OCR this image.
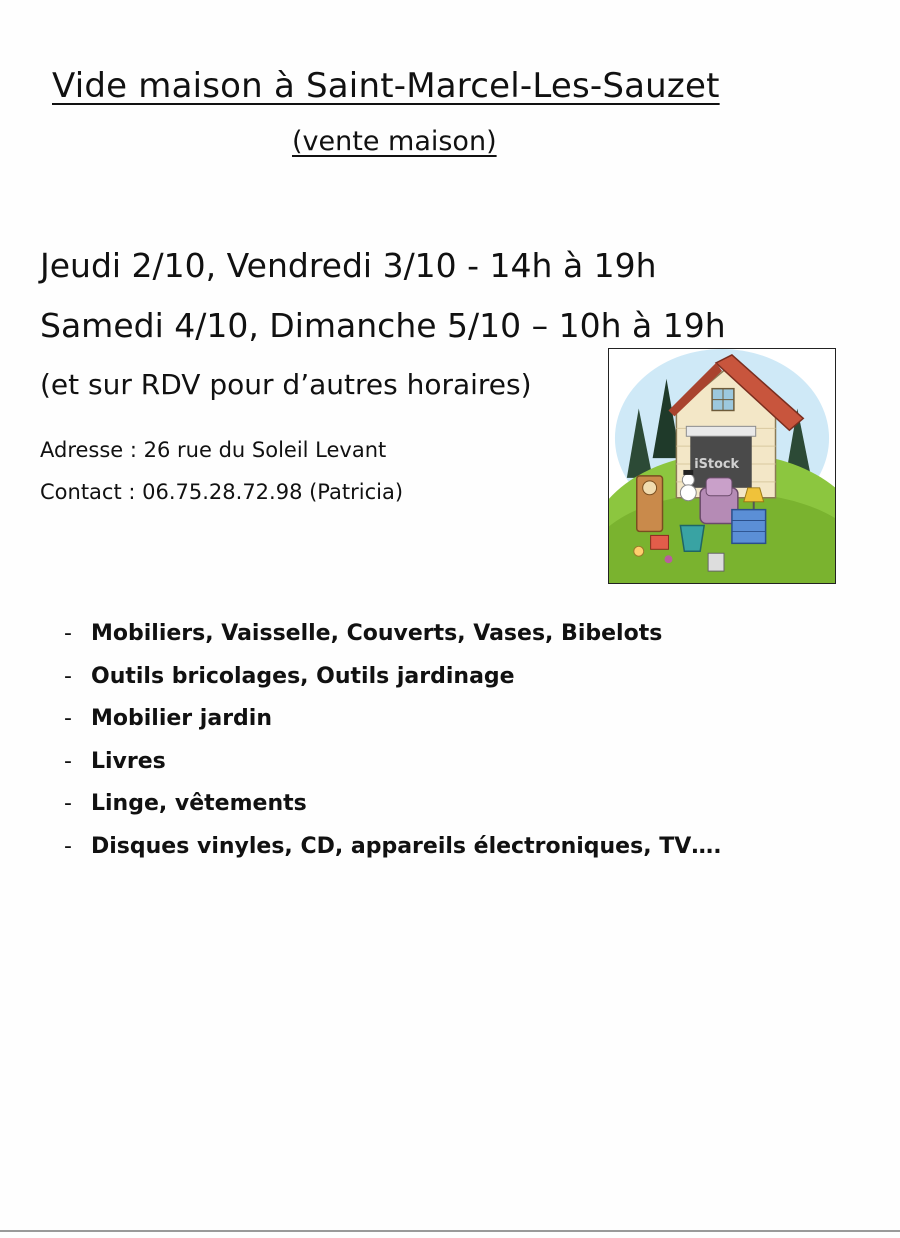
Vide maison à Saint-Marcel-Les-Sauzet
(vente maison)
Jeudi 2/10, Vendredi 3/10 - 14h à 19h
Samedi 4/10, Dimanche 5/10 – 10h à 19h
(et sur RDV pour d’autres horaires)
Adresse : 26 rue du Soleil Levant
Contact : 06.75.28.72.98 (Patricia)
iStock
- Mobiliers, Vaisselle, Couverts, Vases, Bibelots
- Outils bricolages, Outils jardinage
- Mobilier jardin
- Livres
- Linge, vêtements
- Disques vinyles, CD, appareils électroniques, TV….
